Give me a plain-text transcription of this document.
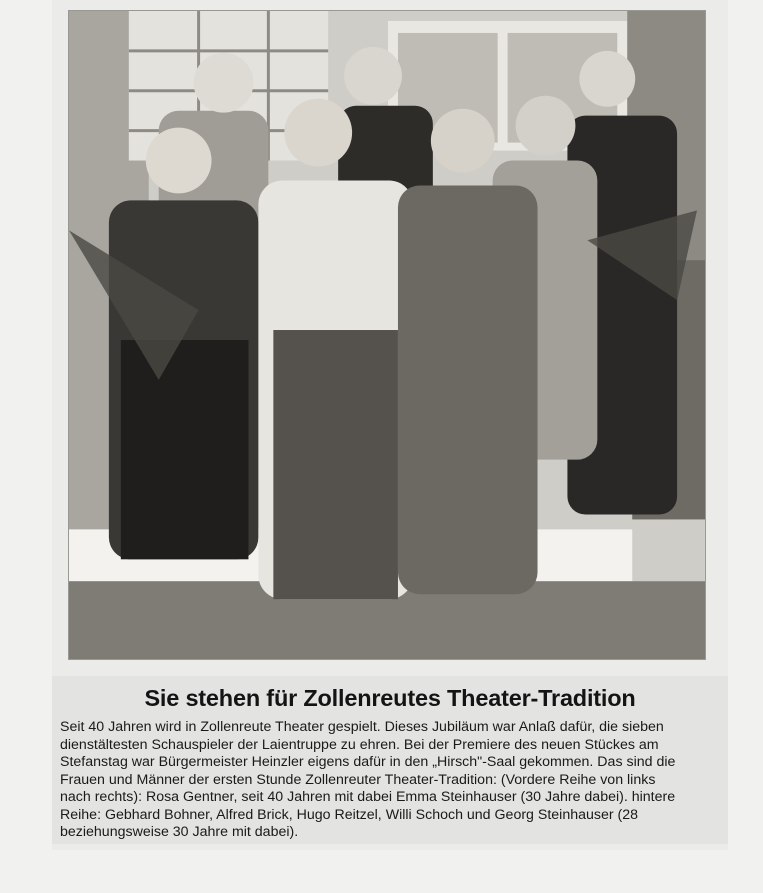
Sie stehen für Zollenreutes Theater-Tradition

Seit 40 Jahren wird in Zollenreute Theater gespielt. Dieses Jubiläum war Anlaß dafür, die sieben
dienstältesten Schauspieler der Laientruppe zu ehren. Bei der Premiere des neuen Stückes am
Stefanstag war Bürgermeister Heinzler eigens dafür in den „Hirsch"-Saal gekommen. Das sind die
Frauen und Männer der ersten Stunde Zollenreuter Theater-Tradition: (Vordere Reihe von links
nach rechts): Rosa Gentner, seit 40 Jahren mit dabei Emma Steinhauser (30 Jahre dabei). hintere
Reihe: Gebhard Bohner, Alfred Brick, Hugo Reitzel, Willi Schoch und Georg Steinhauser (28
beziehungsweise 30 Jahre mit dabei).
